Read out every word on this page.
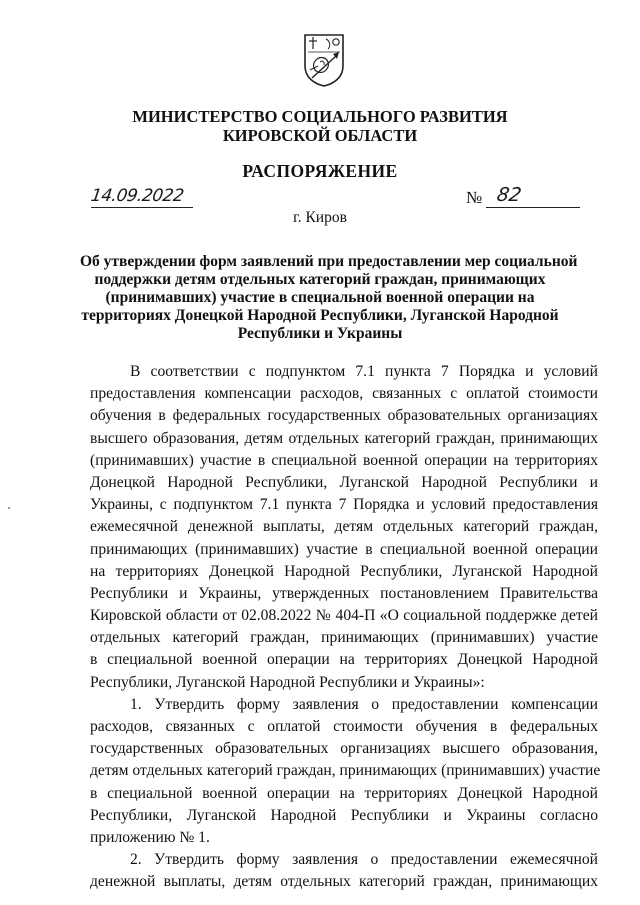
МИНИСТЕРСТВО СОЦИАЛЬНОГО РАЗВИТИЯ
КИРОВСКОЙ ОБЛАСТИ
РАСПОРЯЖЕНИЕ
14.09.2022	№ 82
г. Киров
Об утверждении форм заявлений при предоставлении мер социальной
поддержки детям отдельных категорий граждан, принимающих
(принимавших) участие в специальной военной операции на
территориях Донецкой Народной Республики, Луганской Народной
Республики и Украины
В соответствии с подпунктом 7.1 пункта 7 Порядка и условий
предоставления компенсации расходов, связанных с оплатой стоимости
обучения в федеральных государственных образовательных организациях
высшего образования, детям отдельных категорий граждан, принимающих
(принимавших) участие в специальной военной операции на территориях
Донецкой Народной Республики, Луганской Народной Республики и
Украины, с подпунктом 7.1 пункта 7 Порядка и условий предоставления
ежемесячной денежной выплаты, детям отдельных категорий граждан,
принимающих (принимавших) участие в специальной военной операции
на территориях Донецкой Народной Республики, Луганской Народной
Республики и Украины, утвержденных постановлением Правительства
Кировской области от 02.08.2022 № 404-П «О социальной поддержке детей
отдельных категорий граждан, принимающих (принимавших) участие
в специальной военной операции на территориях Донецкой Народной
Республики, Луганской Народной Республики и Украины»:
1. Утвердить форму заявления о предоставлении компенсации
расходов, связанных с оплатой стоимости обучения в федеральных
государственных образовательных организациях высшего образования,
детям отдельных категорий граждан, принимающих (принимавших) участие
в специальной военной операции на территориях Донецкой Народной
Республики, Луганской Народной Республики и Украины согласно
приложению № 1.
2. Утвердить форму заявления о предоставлении ежемесячной
денежной выплаты, детям отдельных категорий граждан, принимающих
